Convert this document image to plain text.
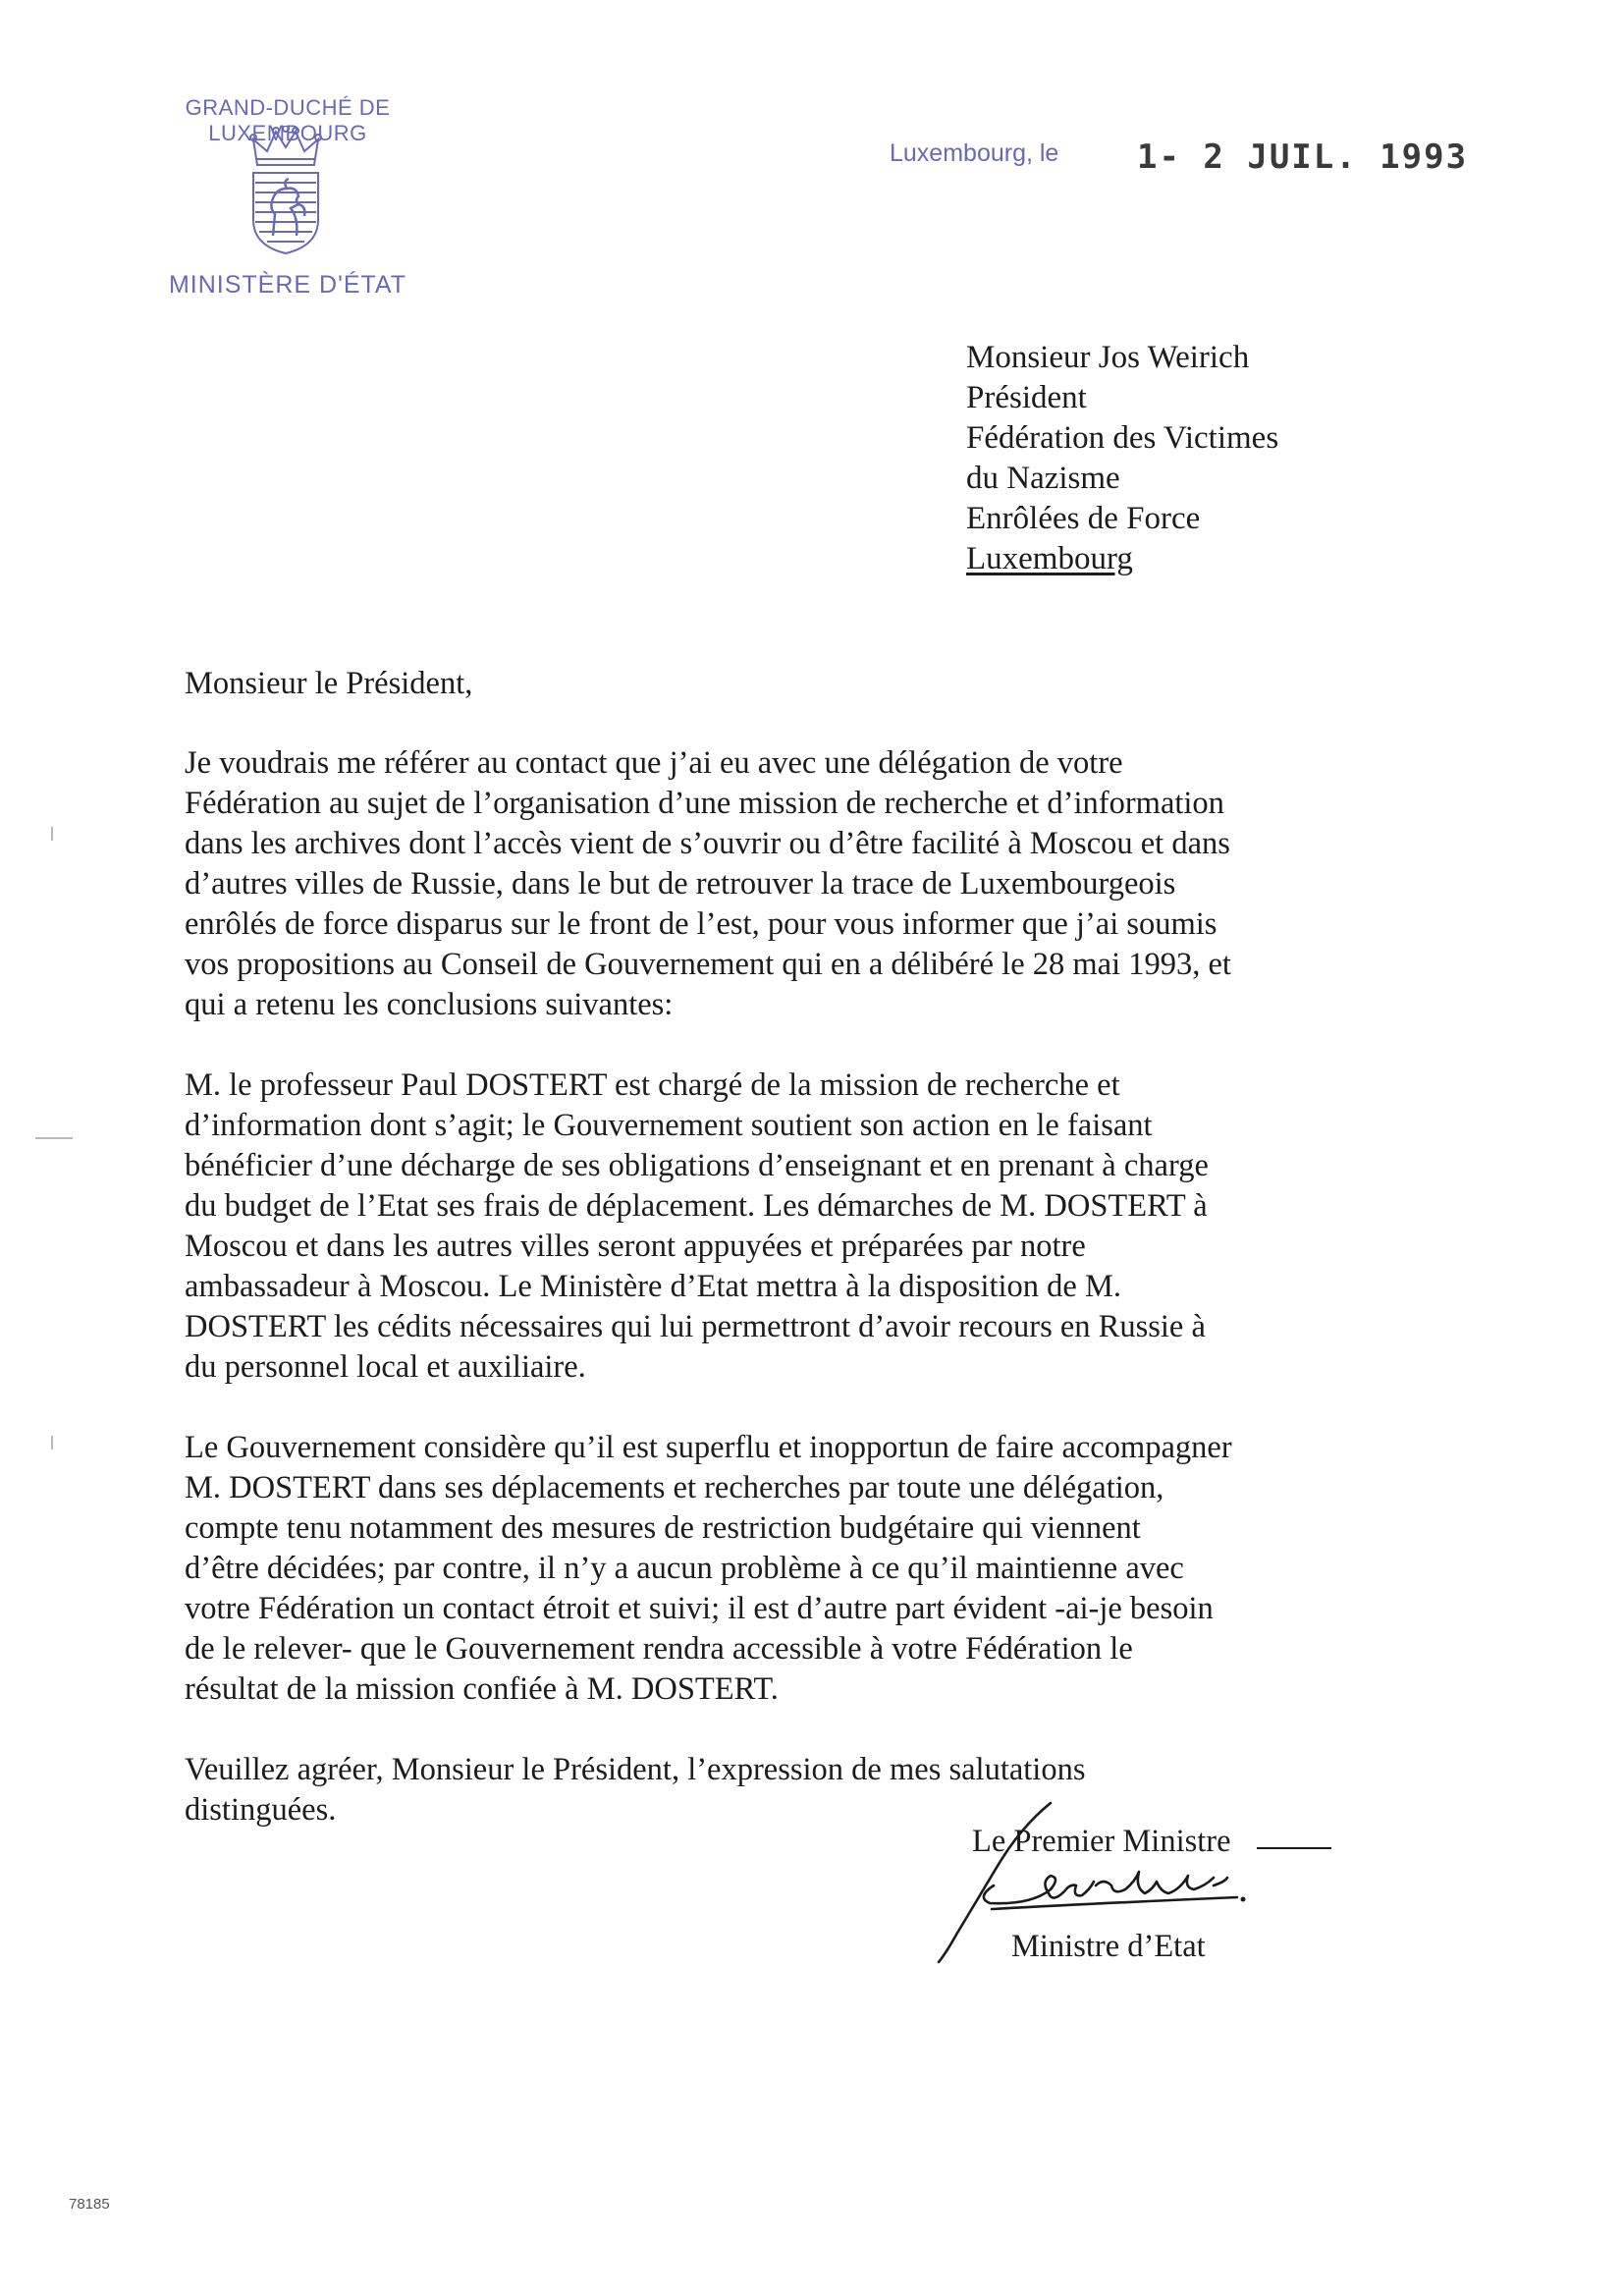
GRAND-DUCHÉ DE LUXEMBOURG
MINISTÈRE D'ÉTAT
Luxembourg, le 1- 2 JUIL. 1993
Monsieur Jos Weirich
Président
Fédération des Victimes
du Nazisme
Enrôlées de Force
Luxembourg

Monsieur le Président,

Je voudrais me référer au contact que j’ai eu avec une délégation de votre
Fédération au sujet de l’organisation d’une mission de recherche et d’information
dans les archives dont l’accès vient de s’ouvrir ou d’être facilité à Moscou et dans
d’autres villes de Russie, dans le but de retrouver la trace de Luxembourgeois
enrôlés de force disparus sur le front de l’est, pour vous informer que j’ai soumis
vos propositions au Conseil de Gouvernement qui en a délibéré le 28 mai 1993, et
qui a retenu les conclusions suivantes:

M. le professeur Paul DOSTERT est chargé de la mission de recherche et
d’information dont s’agit; le Gouvernement soutient son action en le faisant
bénéficier d’une décharge de ses obligations d’enseignant et en prenant à charge
du budget de l’Etat ses frais de déplacement. Les démarches de M. DOSTERT à
Moscou et dans les autres villes seront appuyées et préparées par notre
ambassadeur à Moscou. Le Ministère d’Etat mettra à la disposition de M.
DOSTERT les cédits nécessaires qui lui permettront d’avoir recours en Russie à
du personnel local et auxiliaire.

Le Gouvernement considère qu’il est superflu et inopportun de faire accompagner
M. DOSTERT dans ses déplacements et recherches par toute une délégation,
compte tenu notamment des mesures de restriction budgétaire qui viennent
d’être décidées; par contre, il n’y a aucun problème à ce qu’il maintienne avec
votre Fédération un contact étroit et suivi; il est d’autre part évident -ai-je besoin
de le relever- que le Gouvernement rendra accessible à votre Fédération le
résultat de la mission confiée à M. DOSTERT.

Veuillez agréer, Monsieur le Président, l’expression de mes salutations
distinguées.

Le Premier Ministre
Ministre d’Etat
78185
